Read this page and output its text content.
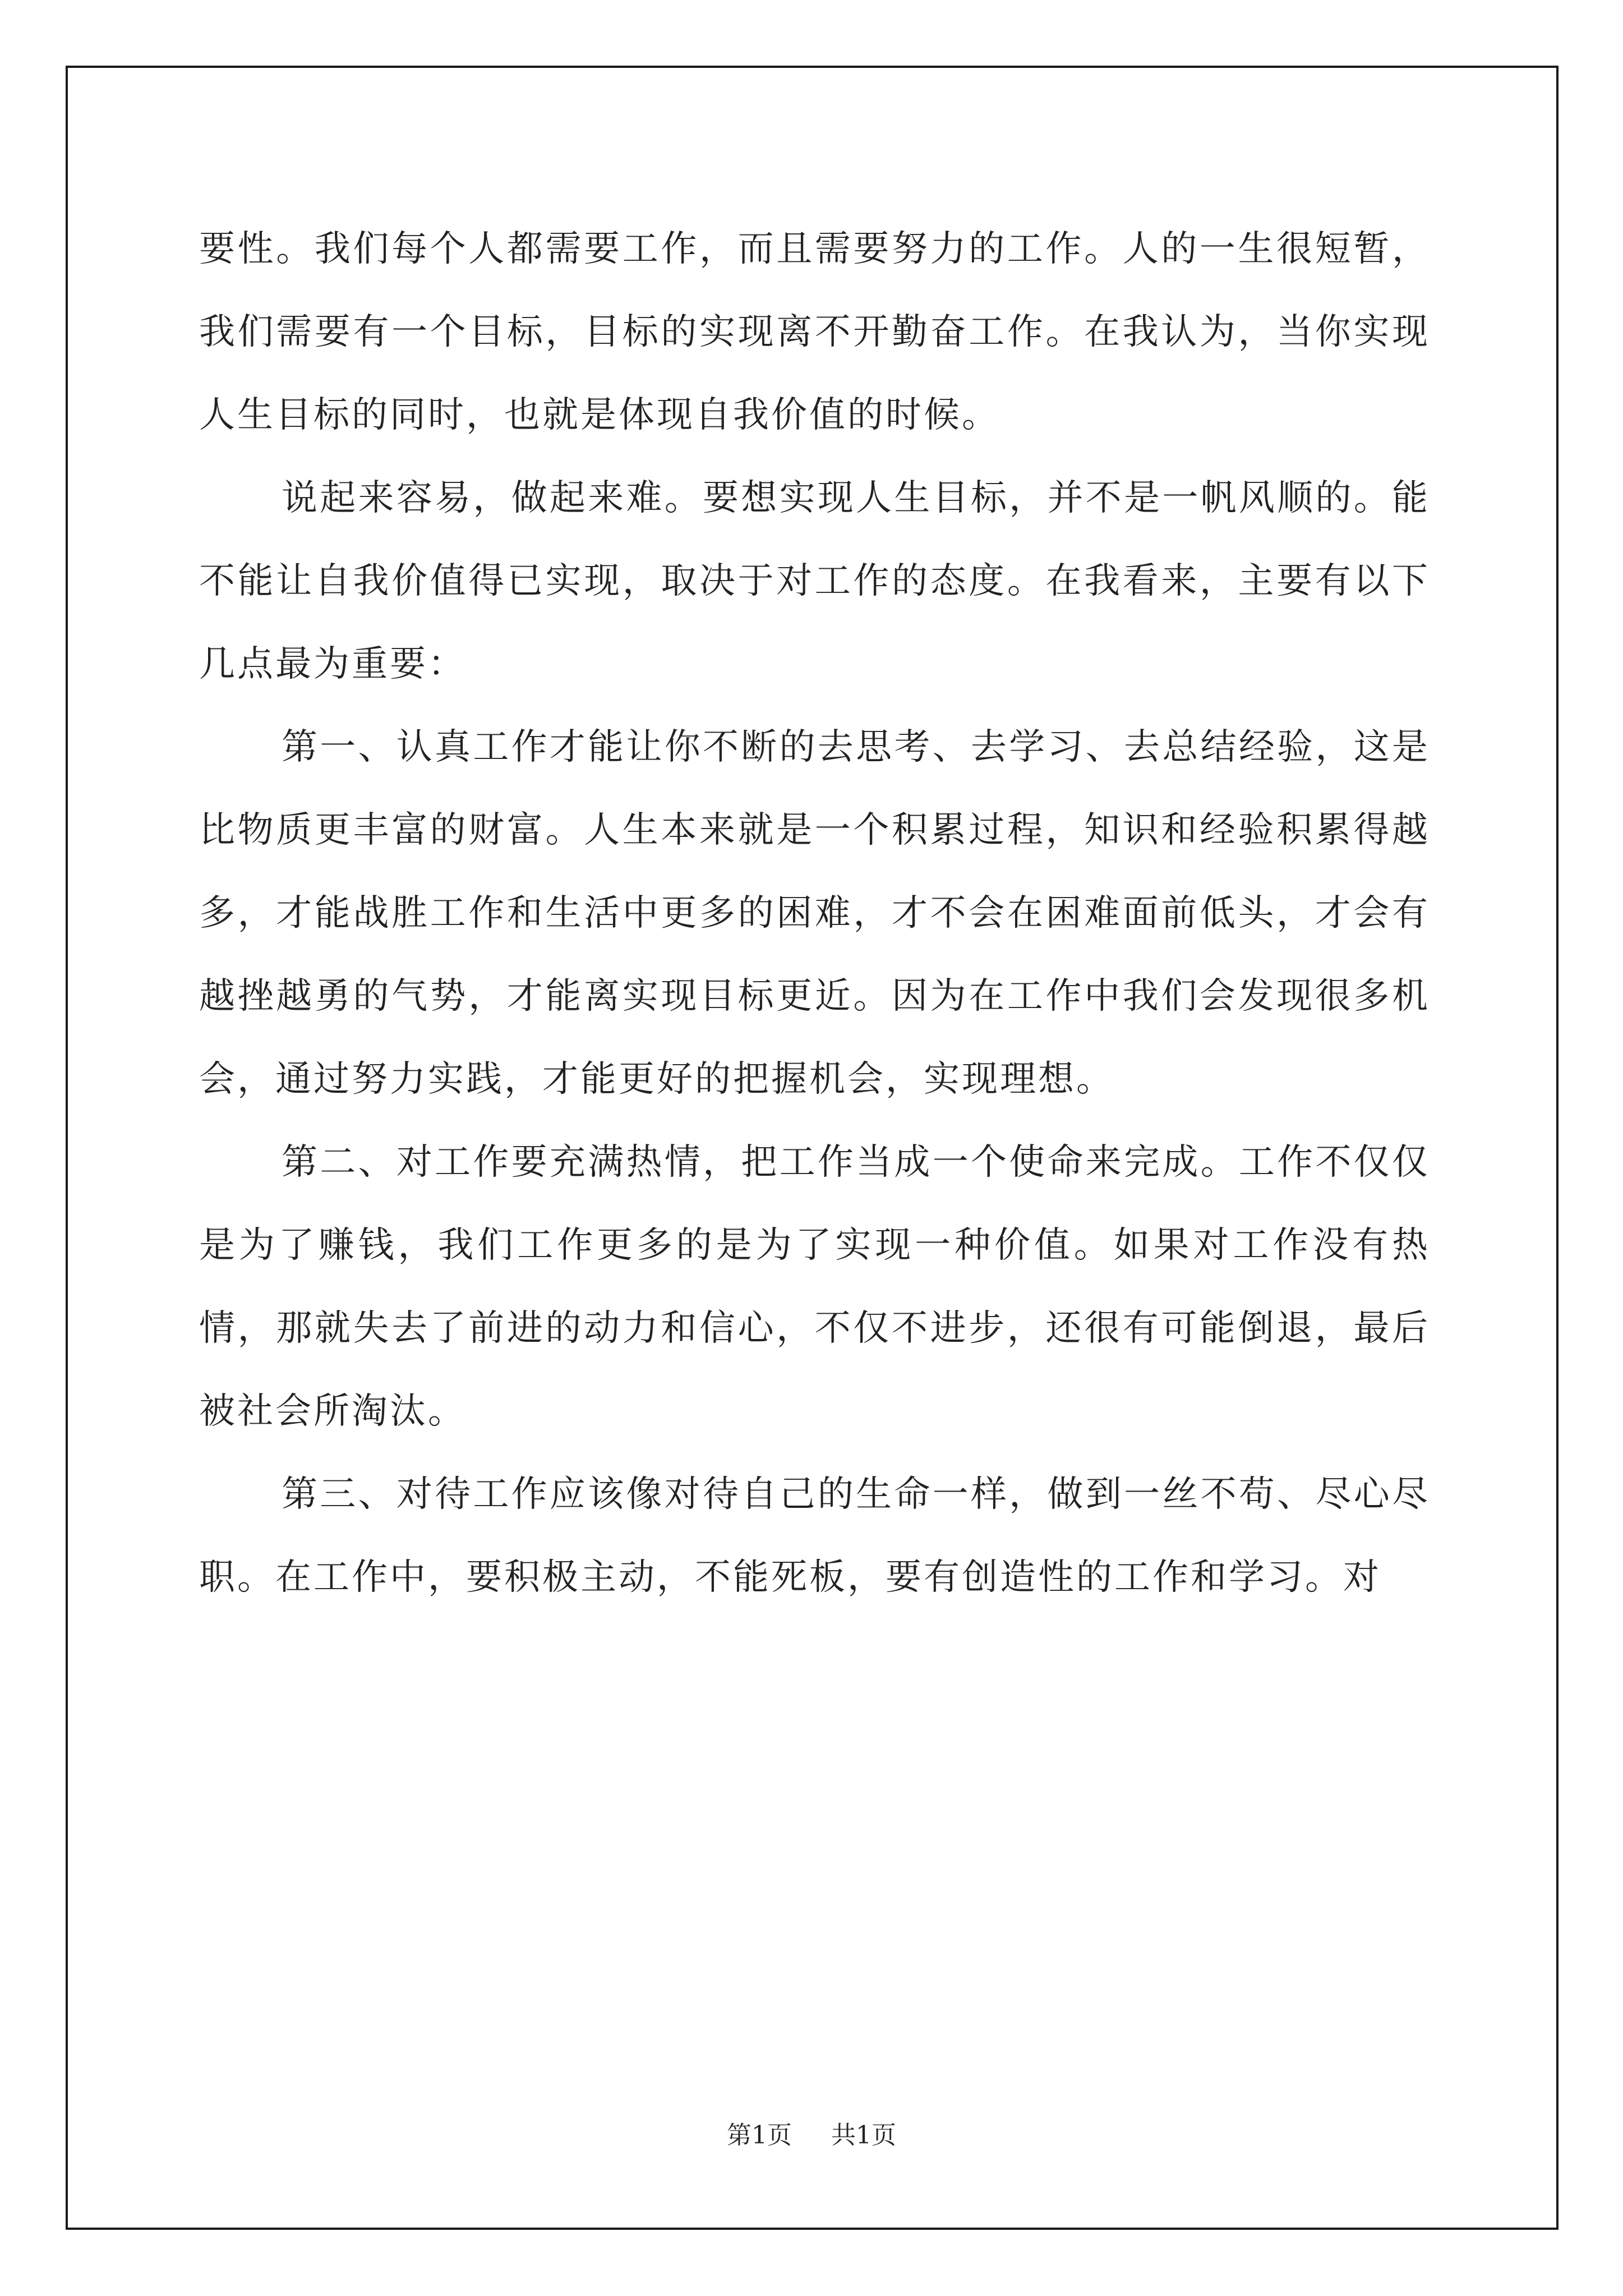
要性。我们每个人都需要工作，而且需要努力的工作。人的一生很短暂，我们需要有一个目标，目标的实现离不开勤奋工作。在我认为，当你实现人生目标的同时，也就是体现自我价值的时候。

说起来容易，做起来难。要想实现人生目标，并不是一帆风顺的。能不能让自我价值得已实现，取决于对工作的态度。在我看来，主要有以下几点最为重要：

第一、认真工作才能让你不断的去思考、去学习、去总结经验，这是比物质更丰富的财富。人生本来就是一个积累过程，知识和经验积累得越多，才能战胜工作和生活中更多的困难，才不会在困难面前低头，才会有越挫越勇的气势，才能离实现目标更近。因为在工作中我们会发现很多机会，通过努力实践，才能更好的把握机会，实现理想。

第二、对工作要充满热情，把工作当成一个使命来完成。工作不仅仅是为了赚钱，我们工作更多的是为了实现一种价值。如果对工作没有热情，那就失去了前进的动力和信心，不仅不进步，还很有可能倒退，最后被社会所淘汰。

第三、对待工作应该像对待自己的生命一样，做到一丝不苟、尽心尽职。在工作中，要积极主动，不能死板，要有创造性的工作和学习。对

第1页 共1页
